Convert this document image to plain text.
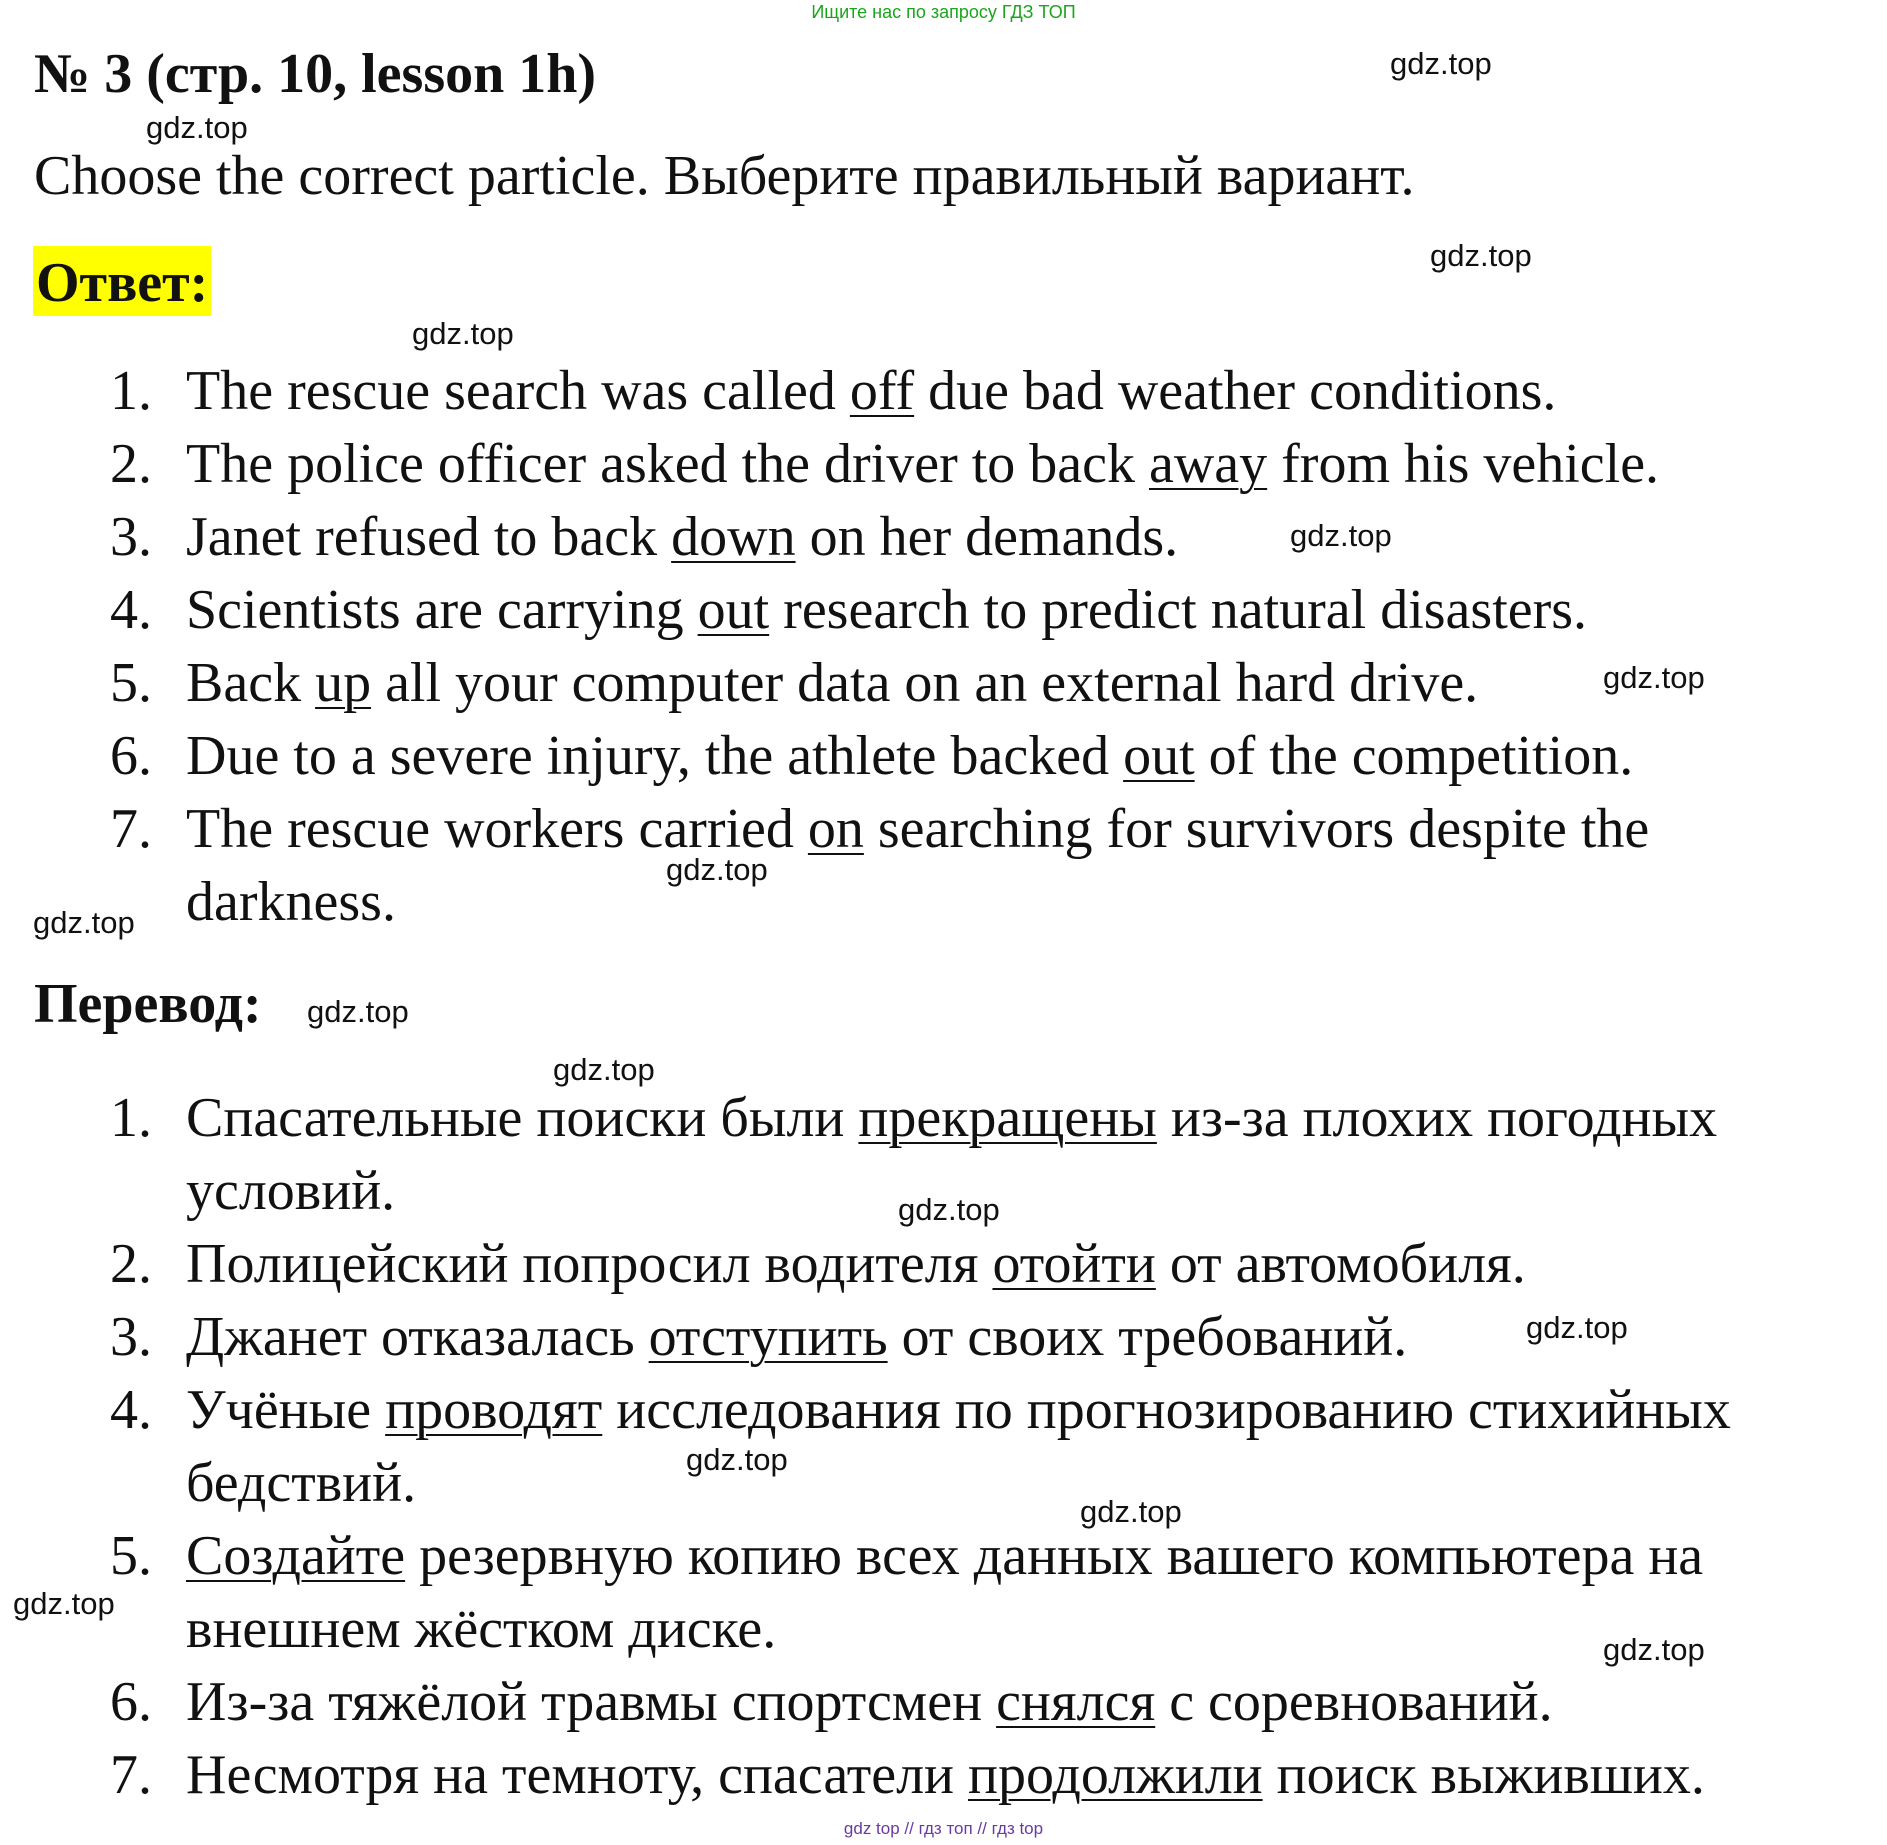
Ищите нас по запросу ГДЗ ТОП
№ 3 (стр. 10, lesson 1h)
Choose the correct particle. Выберите правильный вариант.
Ответ:
1. The rescue search was called off due bad weather conditions.
2. The police officer asked the driver to back away from his vehicle.
3. Janet refused to back down on her demands.
4. Scientists are carrying out research to predict natural disasters.
5. Back up all your computer data on an external hard drive.
6. Due to a severe injury, the athlete backed out of the competition.
7. The rescue workers carried on searching for survivors despite the darkness.
Перевод:
1. Спасательные поиски были прекращены из-за плохих погодных условий.
2. Полицейский попросил водителя отойти от автомобиля.
3. Джанет отказалась отступить от своих требований.
4. Учёные проводят исследования по прогнозированию стихийных бедствий.
5. Создайте резервную копию всех данных вашего компьютера на внешнем жёстком диске.
6. Из-за тяжёлой травмы спортсмен снялся с соревнований.
7. Несмотря на темноту, спасатели продолжили поиск выживших.
gdz.top
gdz.top
gdz.top
gdz.top
gdz.top
gdz.top
gdz.top
gdz.top
gdz.top
gdz.top
gdz.top
gdz.top
gdz.top
gdz.top
gdz.top
gdz.top
gdz top // гдз топ // гдз top
